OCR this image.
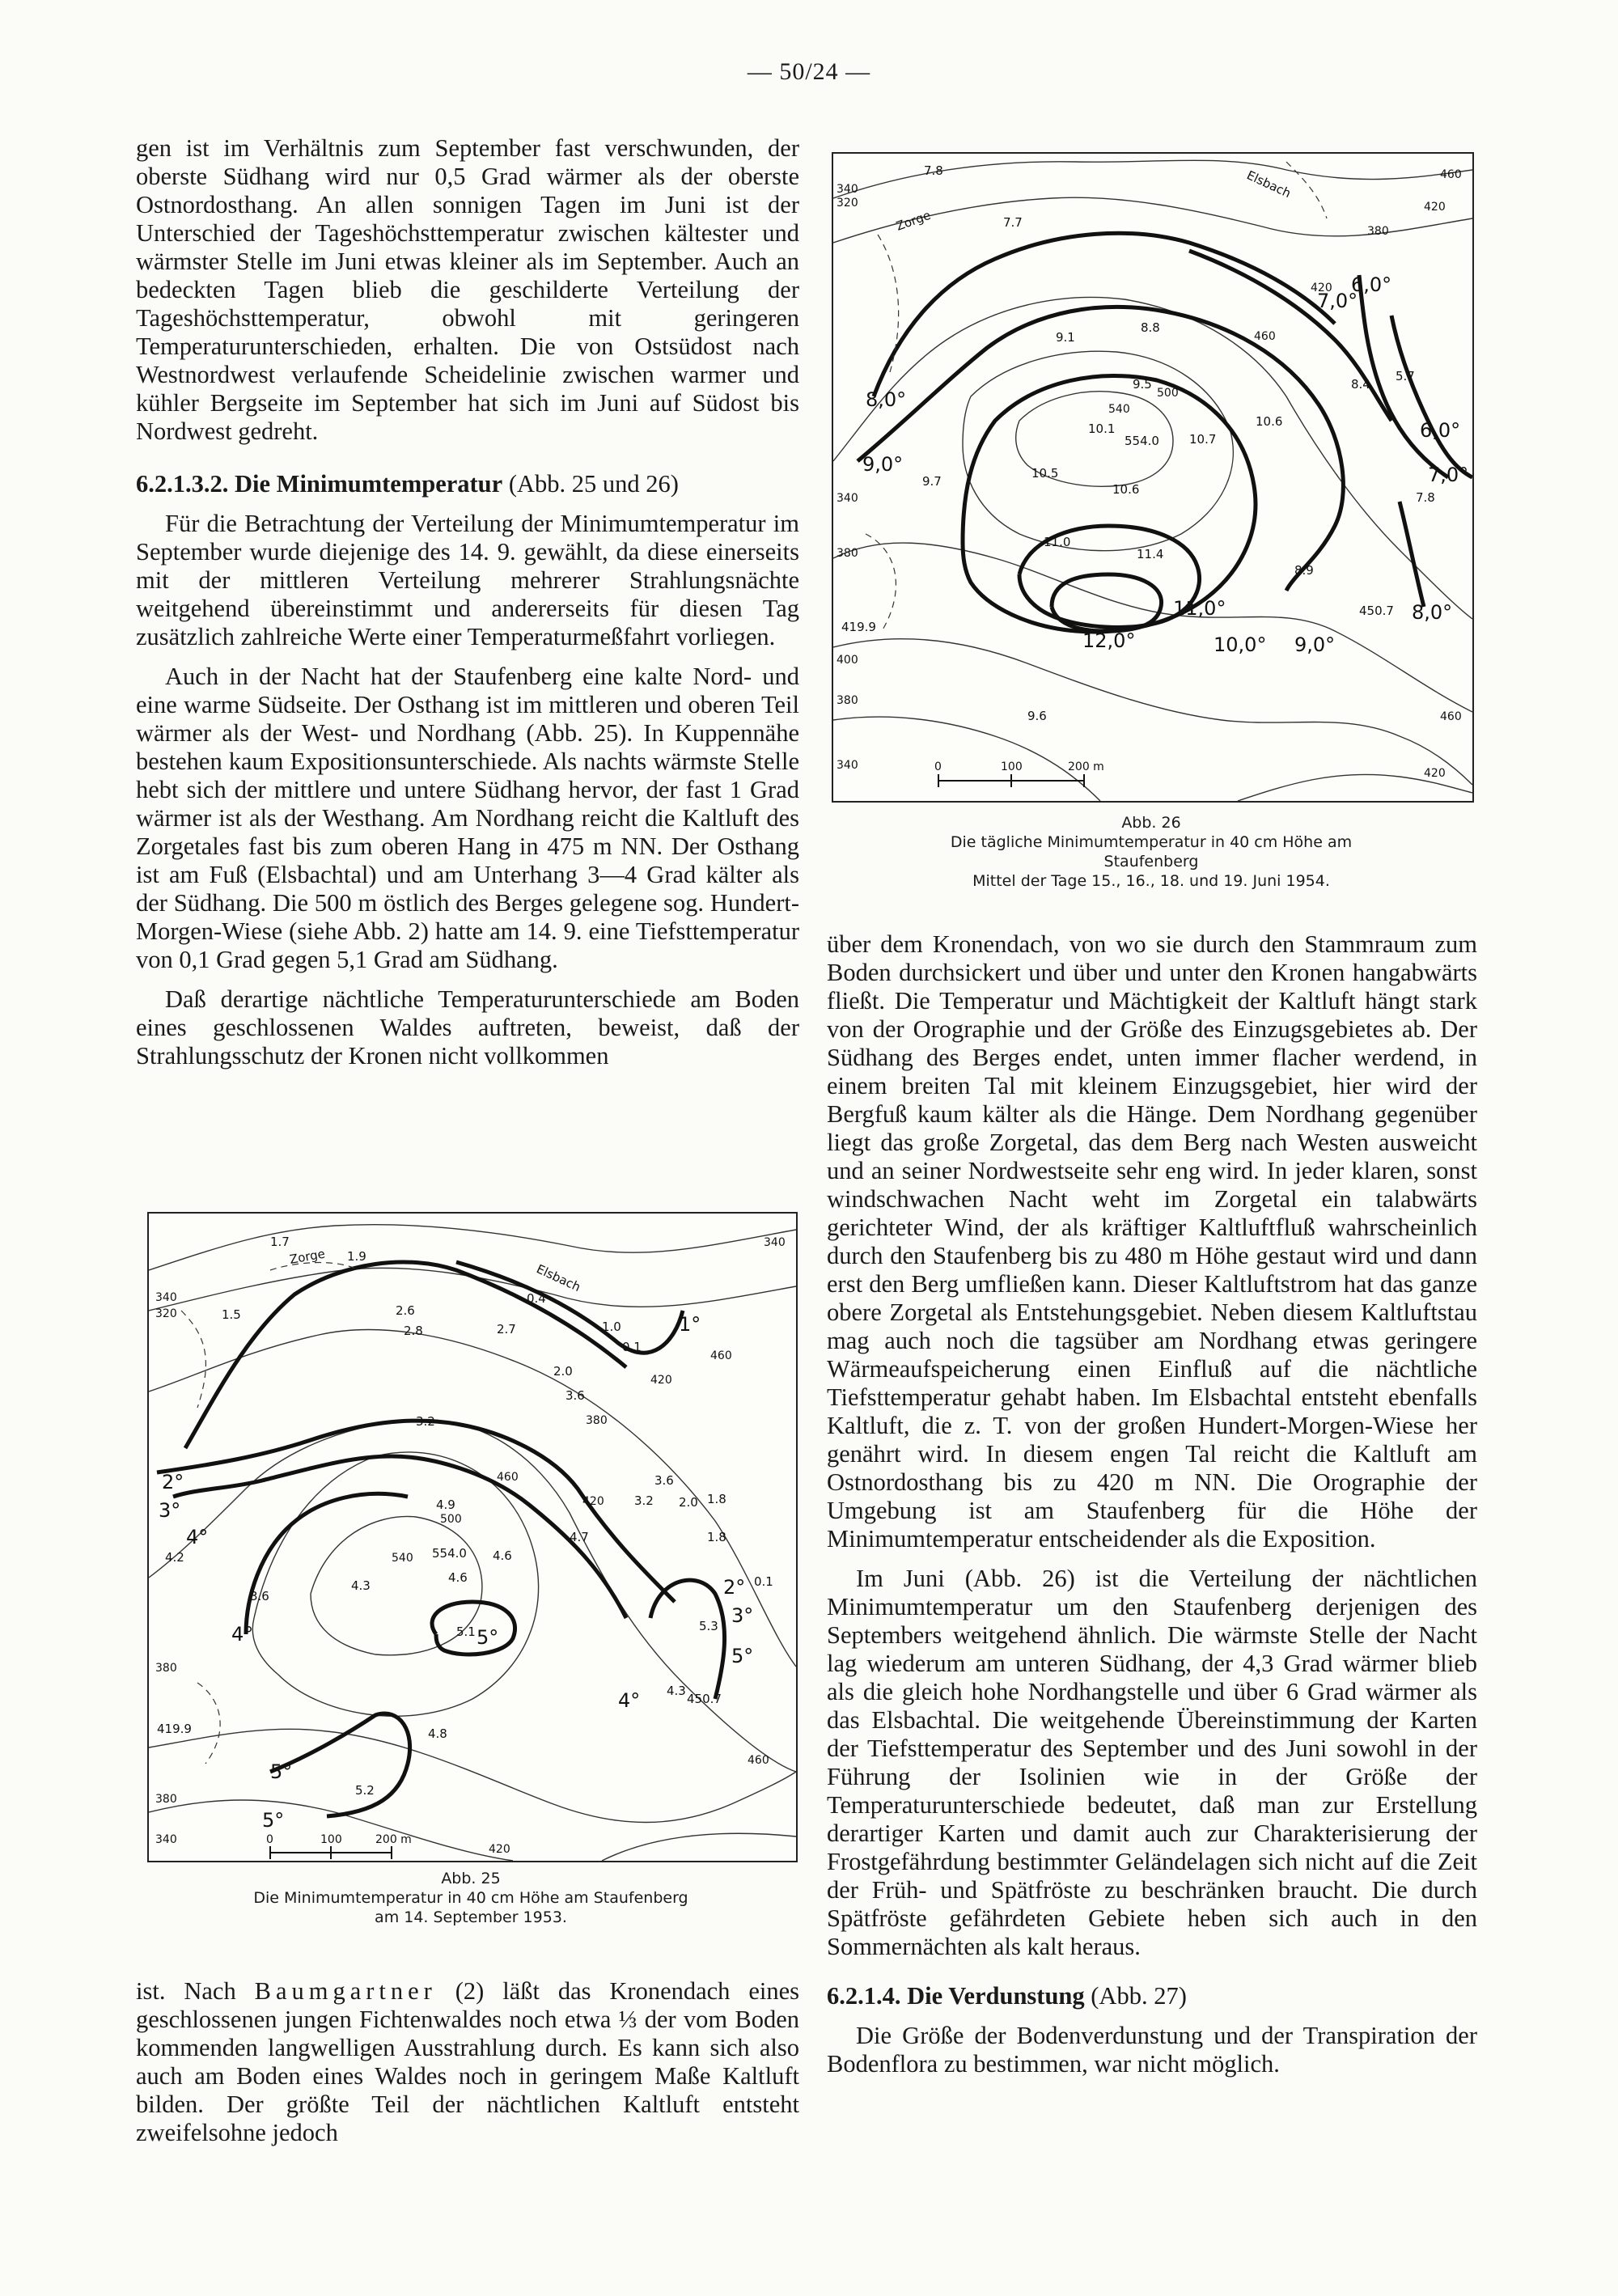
— 50/24 —

gen ist im Verhältnis zum September fast verschwunden, der oberste Südhang wird nur 0,5 Grad wärmer als der oberste Ostnordosthang. An allen sonnigen Tagen im Juni ist der Unterschied der Tageshöchsttemperatur zwischen kältester und wärmster Stelle im Juni etwas kleiner als im September. Auch an bedeckten Tagen blieb die geschilderte Verteilung der Tageshöchsttemperatur, obwohl mit geringeren Temperaturunterschieden, erhalten. Die von Ostsüdost nach Westnordwest verlaufende Scheidelinie zwischen warmer und kühler Bergseite im September hat sich im Juni auf Südost bis Nordwest gedreht.

6.2.1.3.2. Die Minimumtemperatur (Abb. 25 und 26)

Für die Betrachtung der Verteilung der Minimumtemperatur im September wurde diejenige des 14. 9. gewählt, da diese einerseits mit der mittleren Verteilung mehrerer Strahlungsnächte weitgehend übereinstimmt und andererseits für diesen Tag zusätzlich zahlreiche Werte einer Temperaturmeßfahrt vorliegen.

Auch in der Nacht hat der Staufenberg eine kalte Nord- und eine warme Südseite. Der Osthang ist im mittleren und oberen Teil wärmer als der West- und Nordhang (Abb. 25). In Kuppennähe bestehen kaum Expositionsunterschiede. Als nachts wärmste Stelle hebt sich der mittlere und untere Südhang hervor, der fast 1 Grad wärmer ist als der Westhang. Am Nordhang reicht die Kaltluft des Zorgetales fast bis zum oberen Hang in 475 m NN. Der Osthang ist am Fuß (Elsbachtal) und am Unterhang 3—4 Grad kälter als der Südhang. Die 500 m östlich des Berges gelegene sog. Hundert-Morgen-Wiese (siehe Abb. 2) hatte am 14. 9. eine Tiefsttemperatur von 0,1 Grad gegen 5,1 Grad am Südhang.

Daß derartige nächtliche Temperaturunterschiede am Boden eines geschlossenen Waldes auftreten, beweist, daß der Strahlungsschutz der Kronen nicht vollkommen

Zorge
Elsbach
340
320
380
380
340
420
460
500
540
460
420
380
340
420
460
2°
3°
4°
4°	5°
5°
5°
5°
2°
3°
1°
4°
1.7
1.9
2.6
2.8	2.7
0.4
1.0
0.1
1.5
2.0
3.6
3.2
3.2
3.6
2.0 1.8
1.8
4.9
4.7
554.0 4.6
4.6
4.2
3.6
4.3
5.3
0.1
5.1
4.3
450.7
4.8
5.2
419.9
0	100	200 m
Abb. 25
Die Minimumtemperatur in 40 cm Höhe am Staufenberg
am 14. September 1953.

ist. Nach Baumgartner (2) läßt das Kronendach eines geschlossenen jungen Fichtenwaldes noch etwa ⅓ der vom Boden kommenden langwelligen Ausstrahlung durch. Es kann sich also auch am Boden eines Waldes noch in geringem Maße Kaltluft bilden. Der größte Teil der nächtlichen Kaltluft entsteht zweifelsohne jedoch

Zorge
Elsbach
340
320
340
380
420
460
500
540
380
420
460
420
400
380
340
460
8,0°
9,0°
7,0°
6,0°
6,0°
7,0°
8,0°
9,0°
10,0°
11,0°
12,0°
7.8
7.7
8.8
9.1
9.5
10.1
554.0 10.7
10.6
10.5
10.6
9.7
11.0
11.4
8.9
8.4
5.7
7.8
450.7
419.9
9.6
0	100	200 m
Abb. 26
Die tägliche Minimumtemperatur in 40 cm Höhe am
Staufenberg
Mittel der Tage 15., 16., 18. und 19. Juni 1954.

über dem Kronendach, von wo sie durch den Stammraum zum Boden durchsickert und über und unter den Kronen hangabwärts fließt. Die Temperatur und Mächtigkeit der Kaltluft hängt stark von der Orographie und der Größe des Einzugsgebietes ab. Der Südhang des Berges endet, unten immer flacher werdend, in einem breiten Tal mit kleinem Einzugsgebiet, hier wird der Bergfuß kaum kälter als die Hänge. Dem Nordhang gegenüber liegt das große Zorgetal, das dem Berg nach Westen ausweicht und an seiner Nordwestseite sehr eng wird. In jeder klaren, sonst windschwachen Nacht weht im Zorgetal ein talabwärts gerichteter Wind, der als kräftiger Kaltluftfluß wahrscheinlich durch den Staufenberg bis zu 480 m Höhe gestaut wird und dann erst den Berg umfließen kann. Dieser Kaltluftstrom hat das ganze obere Zorgetal als Entstehungsgebiet. Neben diesem Kaltluftstau mag auch noch die tagsüber am Nordhang etwas geringere Wärmeaufspeicherung einen Einfluß auf die nächtliche Tiefsttemperatur gehabt haben. Im Elsbachtal entsteht ebenfalls Kaltluft, die z. T. von der großen Hundert-Morgen-Wiese her genährt wird. In diesem engen Tal reicht die Kaltluft am Ostnordosthang bis zu 420 m NN. Die Orographie der Umgebung ist am Staufenberg für die Höhe der Minimumtemperatur entscheidender als die Exposition.

Im Juni (Abb. 26) ist die Verteilung der nächtlichen Minimumtemperatur um den Staufenberg derjenigen des Septembers weitgehend ähnlich. Die wärmste Stelle der Nacht lag wiederum am unteren Südhang, der 4,3 Grad wärmer blieb als die gleich hohe Nordhangstelle und über 6 Grad wärmer als das Elsbachtal. Die weitgehende Übereinstimmung der Karten der Tiefsttemperatur des September und des Juni sowohl in der Führung der Isolinien wie in der Größe der Temperaturunterschiede bedeutet, daß man zur Erstellung derartiger Karten und damit auch zur Charakterisierung der Frostgefährdung bestimmter Geländelagen sich nicht auf die Zeit der Früh- und Spätfröste zu beschränken braucht. Die durch Spätfröste gefährdeten Gebiete heben sich auch in den Sommernächten als kalt heraus.

6.2.1.4. Die Verdunstung (Abb. 27)

Die Größe der Bodenverdunstung und der Transpiration der Bodenflora zu bestimmen, war nicht möglich.
